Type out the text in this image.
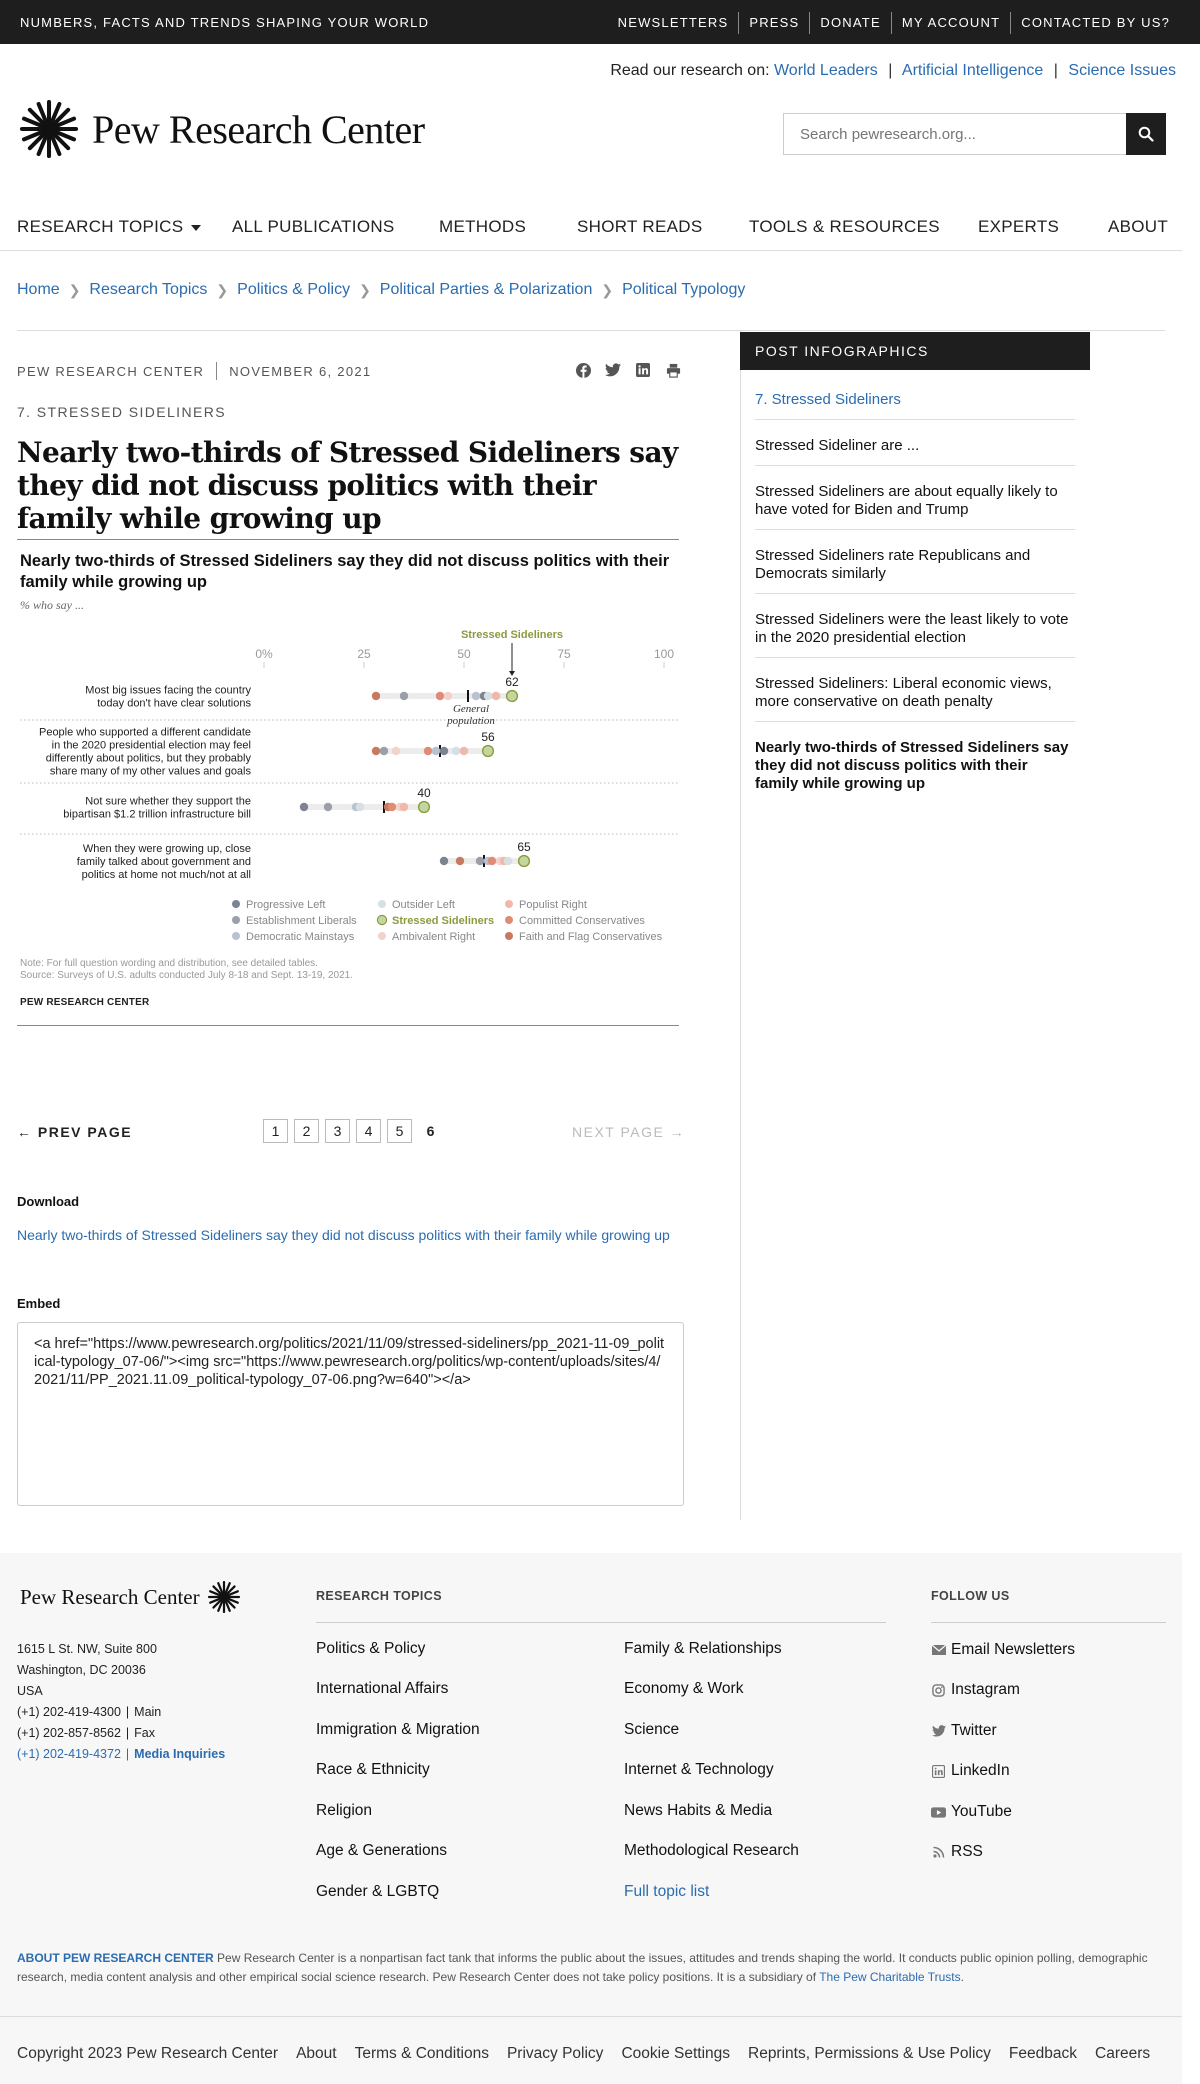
NUMBERS, FACTS AND TRENDS SHAPING YOUR WORLD	NEWSLETTERS	PRESS	DONATE	MY ACCOUNT	CONTACTED BY US?
Read our research on: World Leaders | Artificial Intelligence | Science Issues
Pew Research Center
Search pewresearch.org...
RESEARCH TOPICS	ALL PUBLICATIONS	METHODS	SHORT READS	TOOLS & RESOURCES EXPERTS	ABOUT
Home ❯ Research Topics ❯ Politics & Policy ❯ Political Parties & Polarization ❯ Political Typology
PEW RESEARCH CENTER NOVEMBER 6, 2021
7. STRESSED SIDELINERS
Nearly two-thirds of Stressed Sideliners say they did not discuss politics with their family while growing up
Nearly two-thirds of Stressed Sideliners say they did not discuss politics with their family while growing up
% who say ...
Stressed Sideliners
0%	25	50	75	100
Most big issues facing the country
today don't have clear solutions
62
People who supported a different candidate
in the 2020 presidential election may feel
differently about politics, but they probably
share many of my other values and goals
56
Not sure whether they support the
bipartisan $1.2 trillion infrastructure bill
40
When they were growing up, close
family talked about government and
politics at home not much/not at all
65
General
population
Progressive Left
Establishment Liberals
Democratic Mainstays
Outsider Left
Stressed Sideliners
Ambivalent Right
Populist Right
Committed Conservatives
Faith and Flag Conservatives
Note: For full question wording and distribution, see detailed tables.
Source: Surveys of U.S. adults conducted July 8-18 and Sept. 13-19, 2021.
PEW RESEARCH CENTER
← PREV PAGE	1	2	3	4	5	6	NEXT PAGE →
Download
Nearly two-thirds of Stressed Sideliners say they did not discuss politics with their family while growing up
Embed
<a href="https://www.pewresearch.org/politics/2021/11/09/stressed-sideliners/pp_2021-11-09_political-typology_07-06/"><img src="https://www.pewresearch.org/politics/wp-content/uploads/sites/4/2021/11/PP_2021.11.09_political-typology_07-06.png?w=640"></a>
POST INFOGRAPHICS
7. Stressed Sideliners
Stressed Sideliner are ...
Stressed Sideliners are about equally likely to have voted for Biden and Trump
Stressed Sideliners rate Republicans and Democrats similarly
Stressed Sideliners were the least likely to vote in the 2020 presidential election
Stressed Sideliners: Liberal economic views, more conservative on death penalty
Nearly two-thirds of Stressed Sideliners say they did not discuss politics with their family while growing up
Pew Research Center
1615 L St. NW, Suite 800
Washington, DC 20036
USA
(+1) 202-419-4300 | Main
(+1) 202-857-8562 | Fax
(+1) 202-419-4372 | Media Inquiries
RESEARCH TOPICS
Politics & Policy
International Affairs
Immigration & Migration
Race & Ethnicity
Religion
Age & Generations
Gender & LGBTQ
Family & Relationships
Economy & Work
Science
Internet & Technology
News Habits & Media
Methodological Research
Full topic list
FOLLOW US
Email Newsletters
Instagram
Twitter
LinkedIn
YouTube
RSS
ABOUT PEW RESEARCH CENTER Pew Research Center is a nonpartisan fact tank that informs the public about the issues, attitudes and trends shaping the world. It conducts public opinion polling, demographic research, media content analysis and other empirical social science research. Pew Research Center does not take policy positions. It is a subsidiary of The Pew Charitable Trusts.
Copyright 2023 Pew Research Center About Terms & Conditions Privacy Policy Cookie Settings Reprints, Permissions & Use Policy Feedback Careers
